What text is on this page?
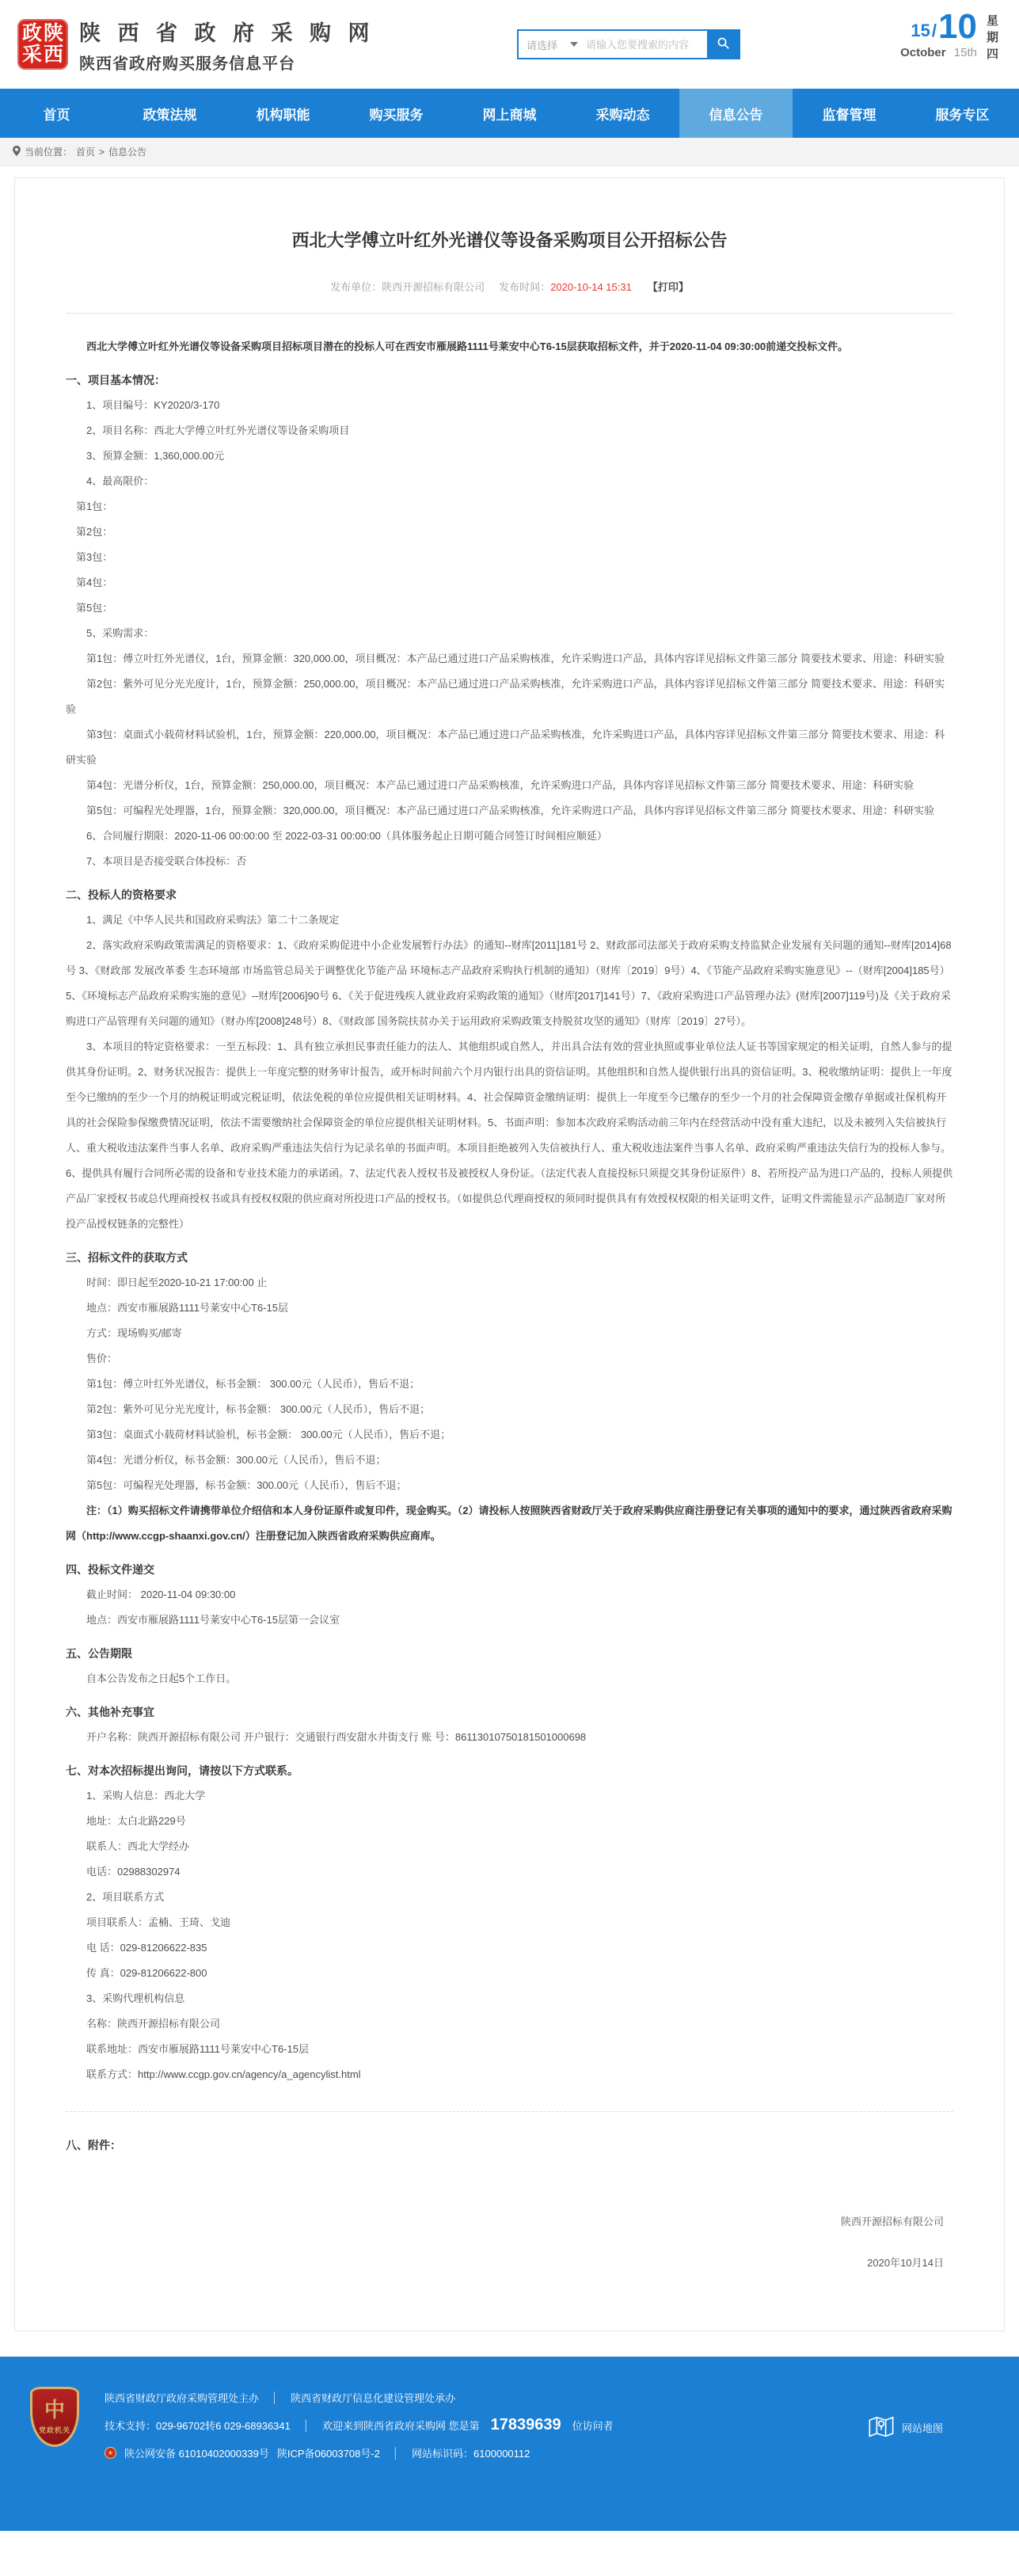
政 陕
采 西
陕 西 省 政 府 采 购 网
陕西省政府购买服务信息平台
请选择
请输入您要搜索的内容
15 / 10
October 15th
星
期
四
首页	政策法规	机构职能	购买服务	网上商城	采购动态	信息公告	监督管理	服务专区
当前位置： 首页 > 信息公告
西北大学傅立叶红外光谱仪等设备采购项目公开招标公告
发布单位：陕西开源招标有限公司 发布时间：2020-10-14 15:31 【打印】

西北大学傅立叶红外光谱仪等设备采购项目招标项目潜在的投标人可在西安市雁展路1111号莱安中心T6-15层获取招标文件，并于2020-11-04 09:30:00前递交投标文件。

一、项目基本情况：

1、项目编号：KY2020/3-170

2、项目名称：西北大学傅立叶红外光谱仪等设备采购项目

3、预算金额：1,360,000.00元

4、最高限价：

第1包：

第2包：

第3包：

第4包：

第5包：

5、采购需求：

第1包：傅立叶红外光谱仪，1台，预算金额：320,000.00，项目概况：本产品已通过进口产品采购核准，允许采购进口产品，具体内容详见招标文件第三部分 简要技术要求、用途：科研实验

第2包：紫外可见分光光度计，1台，预算金额：250,000.00，项目概况：本产品已通过进口产品采购核准，允许采购进口产品，具体内容详见招标文件第三部分 简要技术要求、用途：科研实验

第3包：桌面式小载荷材料试验机，1台，预算金额：220,000.00，项目概况：本产品已通过进口产品采购核准，允许采购进口产品，具体内容详见招标文件第三部分 简要技术要求、用途：科研实验

第4包：光谱分析仪，1台，预算金额：250,000.00，项目概况：本产品已通过进口产品采购核准，允许采购进口产品，具体内容详见招标文件第三部分 简要技术要求、用途：科研实验

第5包：可编程光处理器，1台，预算金额：320,000.00，项目概况：本产品已通过进口产品采购核准，允许采购进口产品，具体内容详见招标文件第三部分 简要技术要求、用途：科研实验

6、合同履行期限：2020-11-06 00:00:00 至 2022-03-31 00:00:00（具体服务起止日期可随合同签订时间相应顺延）

7、本项目是否接受联合体投标：否

二、投标人的资格要求

1、满足《中华人民共和国政府采购法》第二十二条规定

2、落实政府采购政策需满足的资格要求：1、《政府采购促进中小企业发展暂行办法》的通知--财库[2011]181号 2、财政部司法部关于政府采购支持监狱企业发展有关问题的通知--财库[2014]68号 3、《财政部 发展改革委 生态环境部 市场监管总局关于调整优化节能产品 环境标志产品政府采购执行机制的通知）（财库〔2019〕9号）4、《节能产品政府采购实施意见》--（财库[2004]185号）5、《环境标志产品政府采购实施的意见》--财库[2006]90号 6、《关于促进残疾人就业政府采购政策的通知》（财库[2017]141号）7、《政府采购进口产品管理办法》(财库[2007]119号)及《关于政府采购进口产品管理有关问题的通知》（财办库[2008]248号）8、《财政部 国务院扶贫办关于运用政府采购政策支持脱贫攻坚的通知》（财库〔2019〕27号）。

3、本项目的特定资格要求：一至五标段：1、具有独立承担民事责任能力的法人、其他组织或自然人，并出具合法有效的营业执照或事业单位法人证书等国家规定的相关证明，自然人参与的提供其身份证明。2、财务状况报告：提供上一年度完整的财务审计报告，或开标时间前六个月内银行出具的资信证明。其他组织和自然人提供银行出具的资信证明。3、税收缴纳证明：提供上一年度至今已缴纳的至少一个月的纳税证明或完税证明，依法免税的单位应提供相关证明材料。4、社会保障资金缴纳证明：提供上一年度至今已缴存的至少一个月的社会保障资金缴存单据或社保机构开具的社会保险参保缴费情况证明，依法不需要缴纳社会保障资金的单位应提供相关证明材料。5、书面声明：参加本次政府采购活动前三年内在经营活动中没有重大违纪，以及未被列入失信被执行人、重大税收违法案件当事人名单、政府采购严重违法失信行为记录名单的书面声明。本项目拒绝被列入失信被执行人、重大税收违法案件当事人名单、政府采购严重违法失信行为的投标人参与。6、提供具有履行合同所必需的设备和专业技术能力的承诺函。7、法定代表人授权书及被授权人身份证。（法定代表人直接投标只须提交其身份证原件）8、若所投产品为进口产品的，投标人须提供产品厂家授权书或总代理商授权书或具有授权权限的供应商对所投进口产品的授权书。（如提供总代理商授权的须同时提供具有有效授权权限的相关证明文件，证明文件需能显示产品制造厂家对所投产品授权链条的完整性）

三、招标文件的获取方式

时间：即日起至2020-10-21 17:00:00 止

地点：西安市雁展路1111号莱安中心T6-15层

方式：现场购买/邮寄

售价：

第1包：傅立叶红外光谱仪，标书金额： 300.00元（人民币），售后不退；

第2包：紫外可见分光光度计，标书金额： 300.00元（人民币），售后不退；

第3包：桌面式小载荷材料试验机，标书金额： 300.00元（人民币），售后不退；

第4包：光谱分析仪，标书金额：300.00元（人民币），售后不退；

第5包：可编程光处理器，标书金额：300.00元（人民币），售后不退；

注：（1）购买招标文件请携带单位介绍信和本人身份证原件或复印件，现金购买。（2）请投标人按照陕西省财政厅关于政府采购供应商注册登记有关事项的通知中的要求，通过陕西省政府采购网（http://www.ccgp-shaanxi.gov.cn/）注册登记加入陕西省政府采购供应商库。

四、投标文件递交

截止时间： 2020-11-04 09:30:00

地点：西安市雁展路1111号莱安中心T6-15层第一会议室

五、公告期限

自本公告发布之日起5个工作日。

六、其他补充事宜

开户名称：陕西开源招标有限公司 开户银行：交通银行西安甜水井街支行 账 号：86113010750181501000698

七、对本次招标提出询问，请按以下方式联系。

1、采购人信息：西北大学

地址：太白北路229号

联系人：西北大学经办

电话：02988302974

2、项目联系方式

项目联系人：孟楠、王琦、戈迪

电 话：029-81206622-835

传 真：029-81206622-800

3、采购代理机构信息

名称：陕西开源招标有限公司

联系地址：西安市雁展路1111号莱安中心T6-15层

联系方式：http://www.ccgp.gov.cn/agency/a_agencylist.html

八、附件：

陕西开源招标有限公司
2020年10月14日
中
党政机关
陕西省财政厅政府采购管理处主办	│	陕西省财政厅信息化建设管理处承办
技术支持：029-96702转6 029-68936341	│	欢迎来到陕西省政府采购网 您是第 17839639	位访问者
★	陕公网安备 61010402000339号 陕ICP备06003708号-2	│	网站标识码：6100000112
网站地图
